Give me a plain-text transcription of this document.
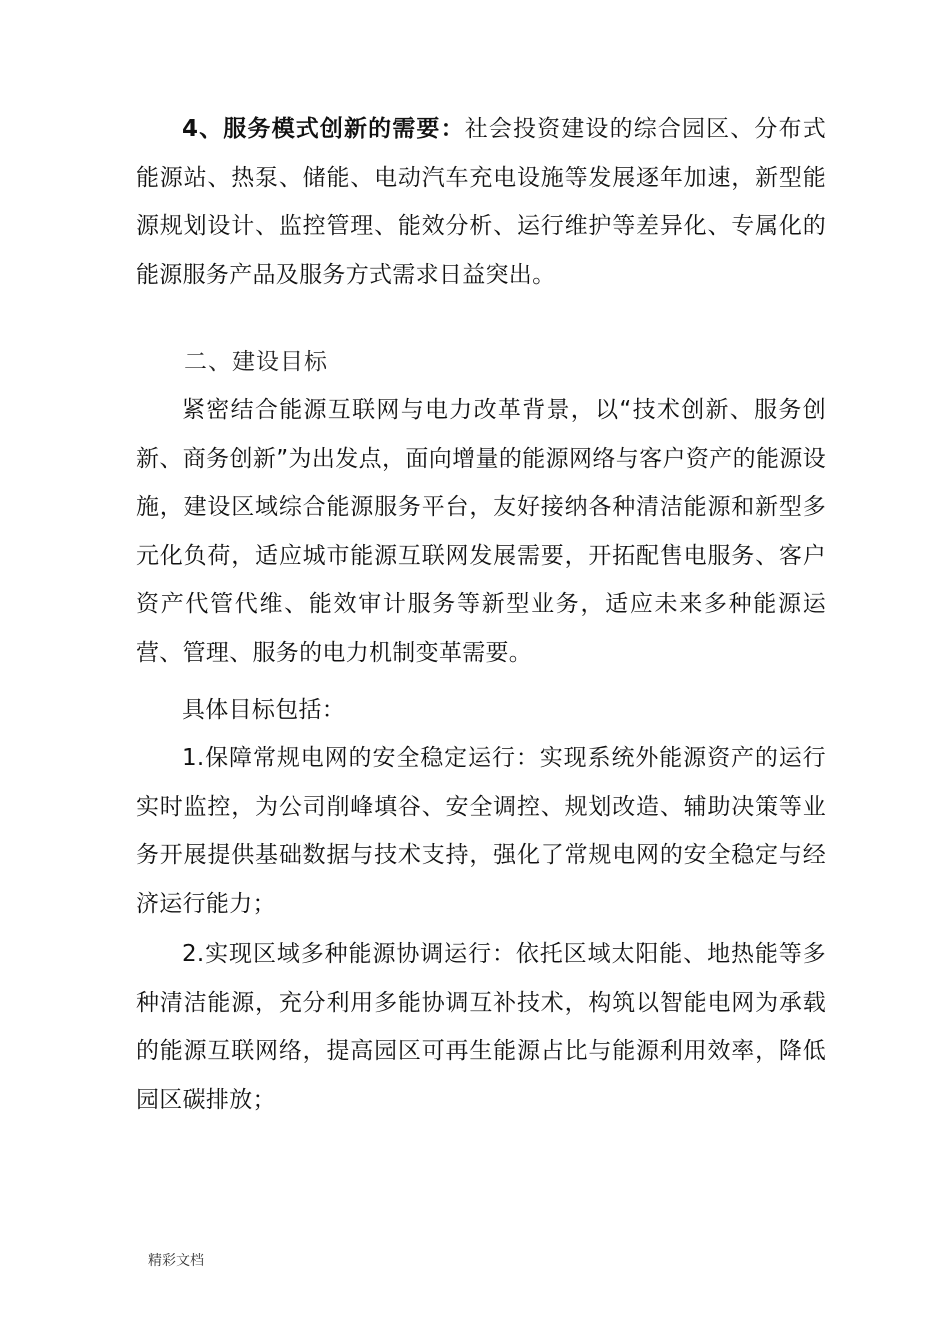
4、服务模式创新的需要：社会投资建设的综合园区、分布式能源站、热泵、储能、电动汽车充电设施等发展逐年加速，新型能源规划设计、监控管理、能效分析、运行维护等差异化、专属化的能源服务产品及服务方式需求日益突出。

二、建设目标

紧密结合能源互联网与电力改革背景，以“技术创新、服务创新、商务创新”为出发点，面向增量的能源网络与客户资产的能源设施，建设区域综合能源服务平台，友好接纳各种清洁能源和新型多元化负荷，适应城市能源互联网发展需要，开拓配售电服务、客户资产代管代维、能效审计服务等新型业务，适应未来多种能源运营、管理、服务的电力机制变革需要。

具体目标包括：

1.保障常规电网的安全稳定运行：实现系统外能源资产的运行实时监控，为公司削峰填谷、安全调控、规划改造、辅助决策等业务开展提供基础数据与技术支持，强化了常规电网的安全稳定与经济运行能力；

2.实现区域多种能源协调运行：依托区域太阳能、地热能等多种清洁能源，充分利用多能协调互补技术，构筑以智能电网为承载的能源互联网络，提高园区可再生能源占比与能源利用效率，降低园区碳排放；

精彩文档
